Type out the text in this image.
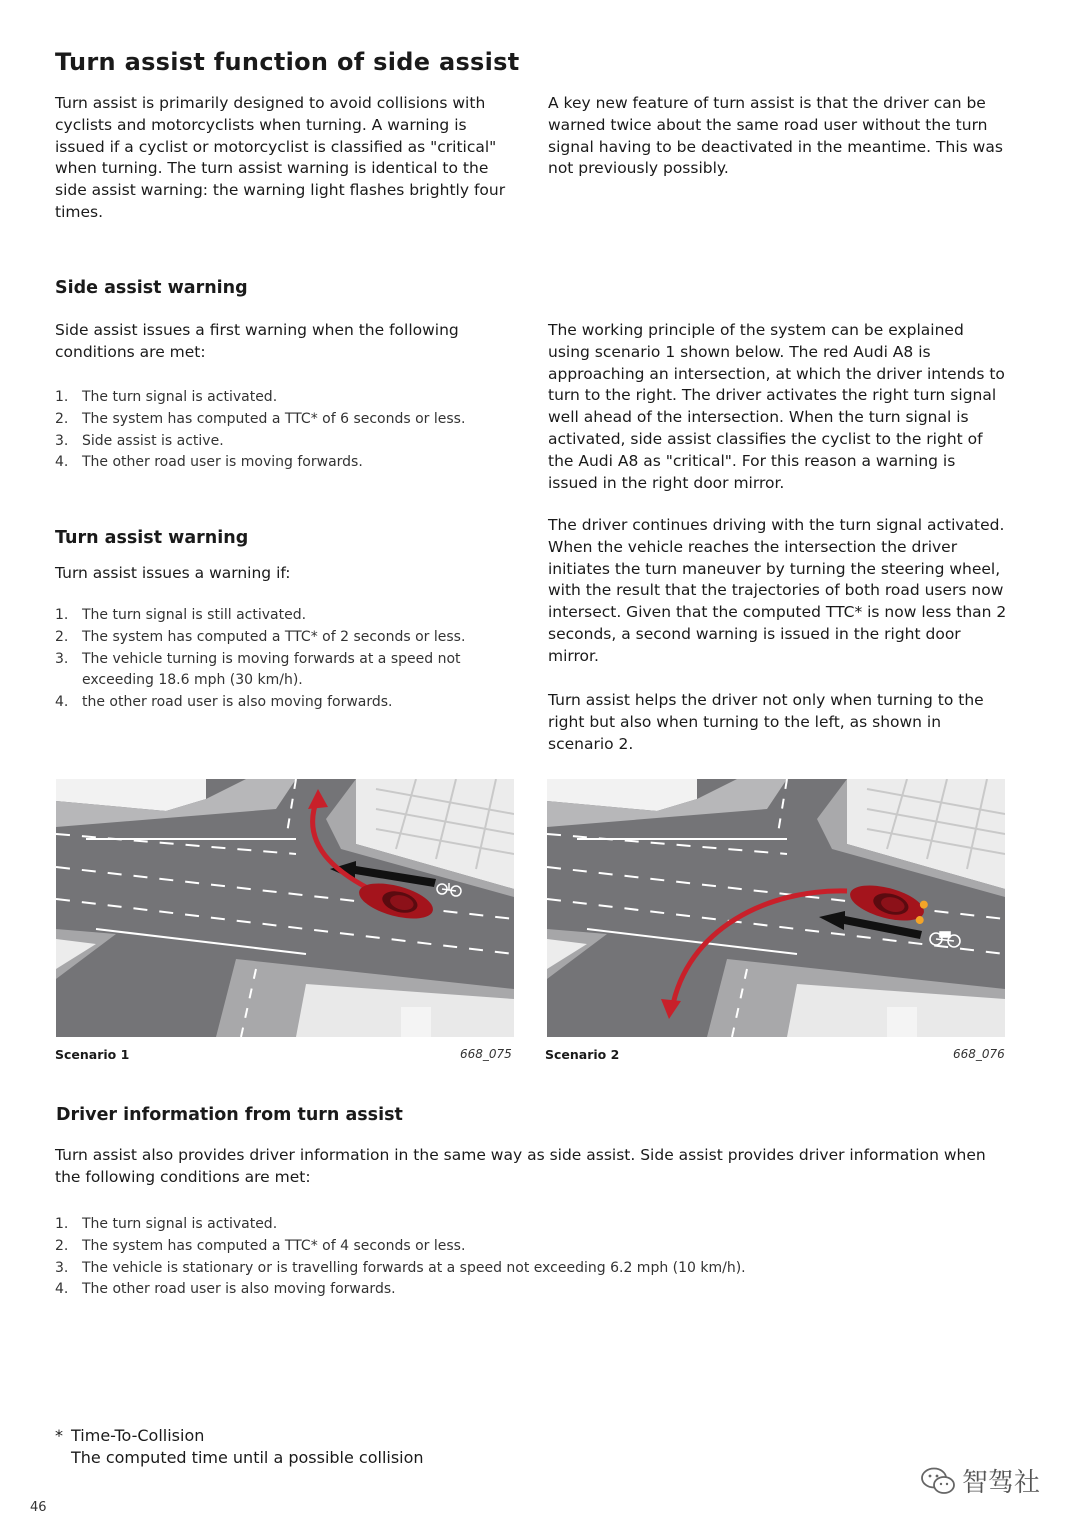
Turn assist function of side assist

Turn assist is primarily designed to avoid collisions with cyclists and motorcyclists when turning. A warning is issued if a cyclist or motorcyclist is classified as "critical" when turning. The turn assist warning is identical to the side assist warning: the warning light flashes brightly four times.

A key new feature of turn assist is that the driver can be warned twice about the same road user without the turn signal having to be deactivated in the meantime. This was not previously possibly.

Side assist warning

Side assist issues a first warning when the following conditions are met:

1. The turn signal is activated.
2. The system has computed a TTC* of 6 seconds or less.
3. Side assist is active.
4. The other road user is moving forwards.
Turn assist warning

Turn assist issues a warning if:

1. The turn signal is still activated.
2. The system has computed a TTC* of 2 seconds or less.
3. The vehicle turning is moving forwards at a speed not exceeding 18.6 mph (30 km/h).
4. the other road user is also moving forwards.

The working principle of the system can be explained using scenario 1 shown below. The red Audi A8 is approaching an intersection, at which the driver intends to turn to the right. The driver activates the right turn signal well ahead of the intersection. When the turn signal is activated, side assist classifies the cyclist to the right of the Audi A8 as "critical". For this reason a warning is issued in the right door mirror.

The driver continues driving with the turn signal activated. When the vehicle reaches the intersection the driver initiates the turn maneuver by turning the steering wheel, with the result that the trajectories of both road users now intersect. Given that the computed TTC* is now less than 2 seconds, a second warning is issued in the right door mirror.

Turn assist helps the driver not only when turning to the right but also when turning to the left, as shown in scenario 2.

Scenario 1	668_075	Scenario 2	668_076
Driver information from turn assist

Turn assist also provides driver information in the same way as side assist. Side assist provides driver information when the following conditions are met:

1. The turn signal is activated.
2. The system has computed a TTC* of 4 seconds or less.
3. The vehicle is stationary or is travelling forwards at a speed not exceeding 6.2 mph (10 km/h).
4. The other road user is also moving forwards.
* Time-To-Collision
The computed time until a possible collision
智驾社
46
